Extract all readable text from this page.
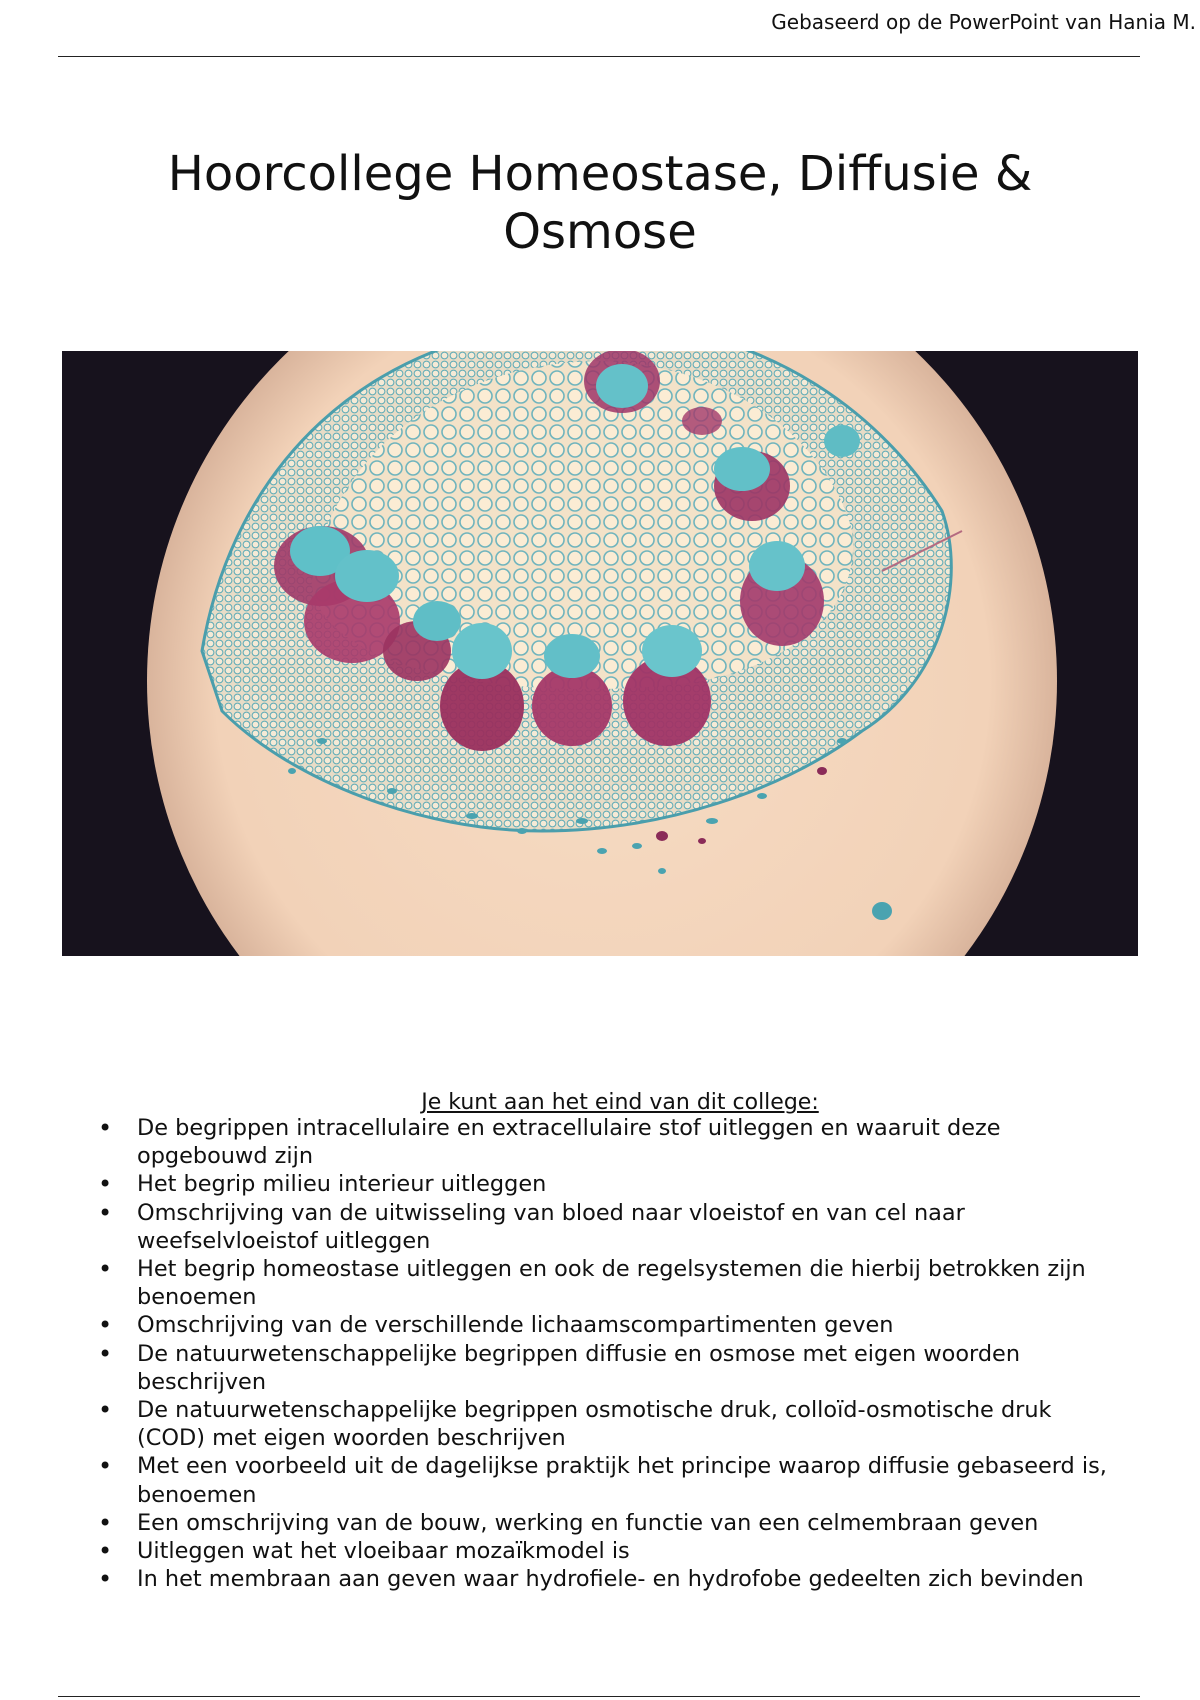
Gebaseerd op de PowerPoint van Hania M.
Hoorcollege Homeostase, Diffusie & Osmose
Je kunt aan het eind van dit college:
• De begrippen intracellulaire en extracellulaire stof uitleggen en waaruit deze opgebouwd zijn
• Het begrip milieu interieur uitleggen
• Omschrijving van de uitwisseling van bloed naar vloeistof en van cel naar weefselvloeistof uitleggen
• Het begrip homeostase uitleggen en ook de regelsystemen die hierbij betrokken zijn benoemen
• Omschrijving van de verschillende lichaamscompartimenten geven
• De natuurwetenschappelijke begrippen diffusie en osmose met eigen woorden beschrijven
• De natuurwetenschappelijke begrippen osmotische druk, colloïd-osmotische druk (COD) met eigen woorden beschrijven
• Met een voorbeeld uit de dagelijkse praktijk het principe waarop diffusie gebaseerd is, benoemen
• Een omschrijving van de bouw, werking en functie van een celmembraan geven
• Uitleggen wat het vloeibaar mozaïkmodel is
• In het membraan aan geven waar hydrofiele- en hydrofobe gedeelten zich bevinden
